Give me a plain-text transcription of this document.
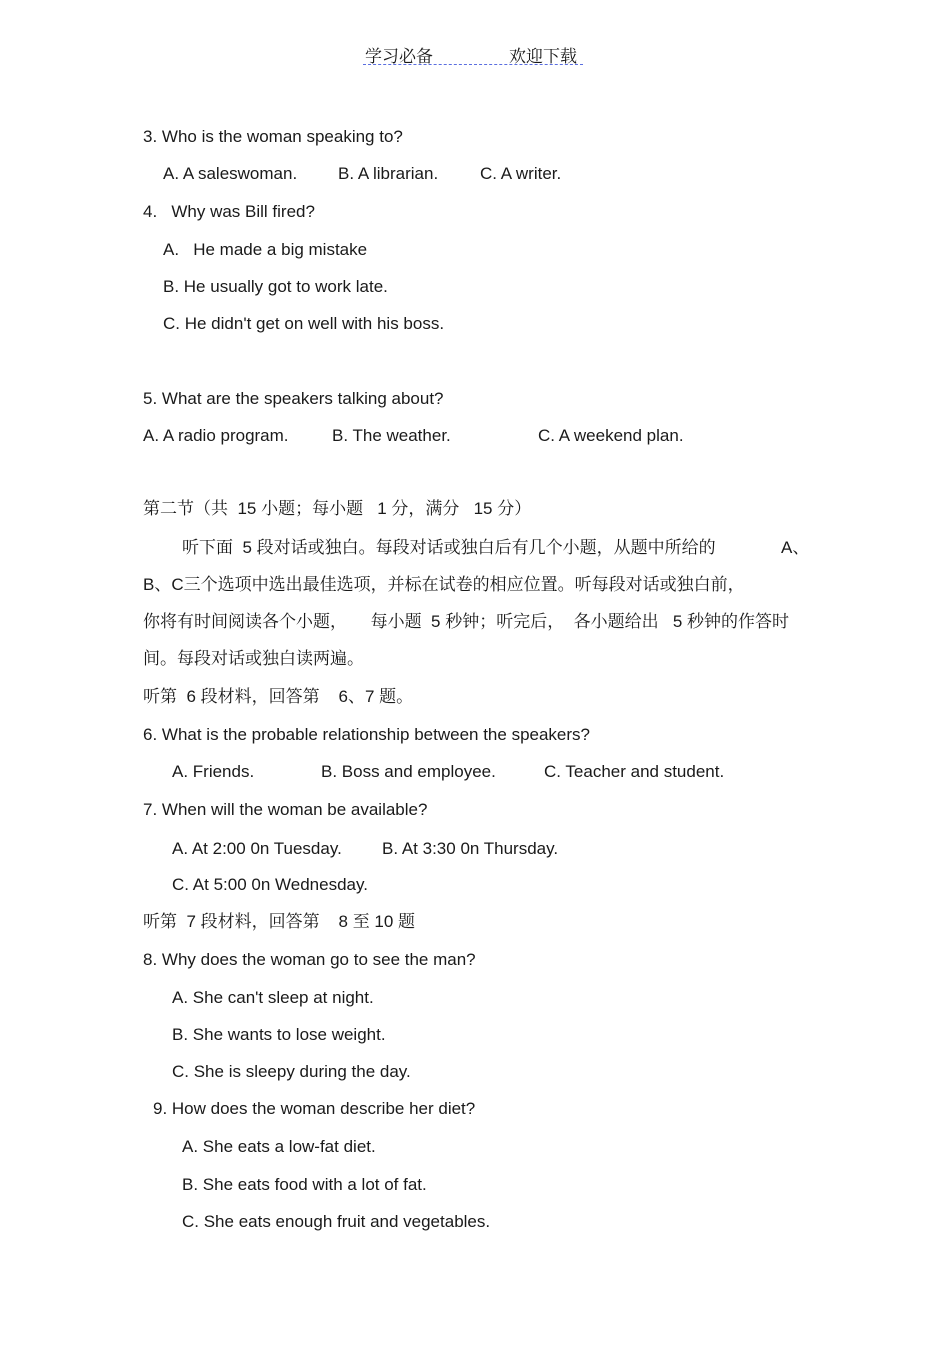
学习必备	欢迎下载
3. Who is the woman speaking to?
A. A saleswoman. B. A librarian. C. A writer.
4.   Why was Bill fired?
A.   He made a big mistake
B. He usually got to work late.
C. He didn't get on well with his boss.
5. What are the speakers talking about?
A. A radio program.	B. The weather.	C. A weekend plan.
第二节（共  15 小题；每小题   1 分，满分   15 分）
听下面  5 段对话或独白。每段对话或独白后有几个小题，从题中所给的	A、
B、C三个选项中选出最佳选项，并标在试卷的相应位置。听每段对话或独白前，
你将有时间阅读各个小题，     每小题  5 秒钟；听完后，  各小题给出   5 秒钟的作答时
间。每段对话或独白读两遍。
听第  6 段材料，回答第    6、7 题。
6. What is the probable relationship between the speakers?
A. Friends.	B. Boss and employee.	C. Teacher and student.
7. When will the woman be available?
A. At 2:00 0n Tuesday. B. At 3:30 0n Thursday.
C. At 5:00 0n Wednesday.
听第  7 段材料，回答第    8 至 10 题
8. Why does the woman go to see the man?
A. She can't sleep at night.
B. She wants to lose weight.
C. She is sleepy during the day.
9. How does the woman describe her diet?
A. She eats a low-fat diet.
B. She eats food with a lot of fat.
C. She eats enough fruit and vegetables.
